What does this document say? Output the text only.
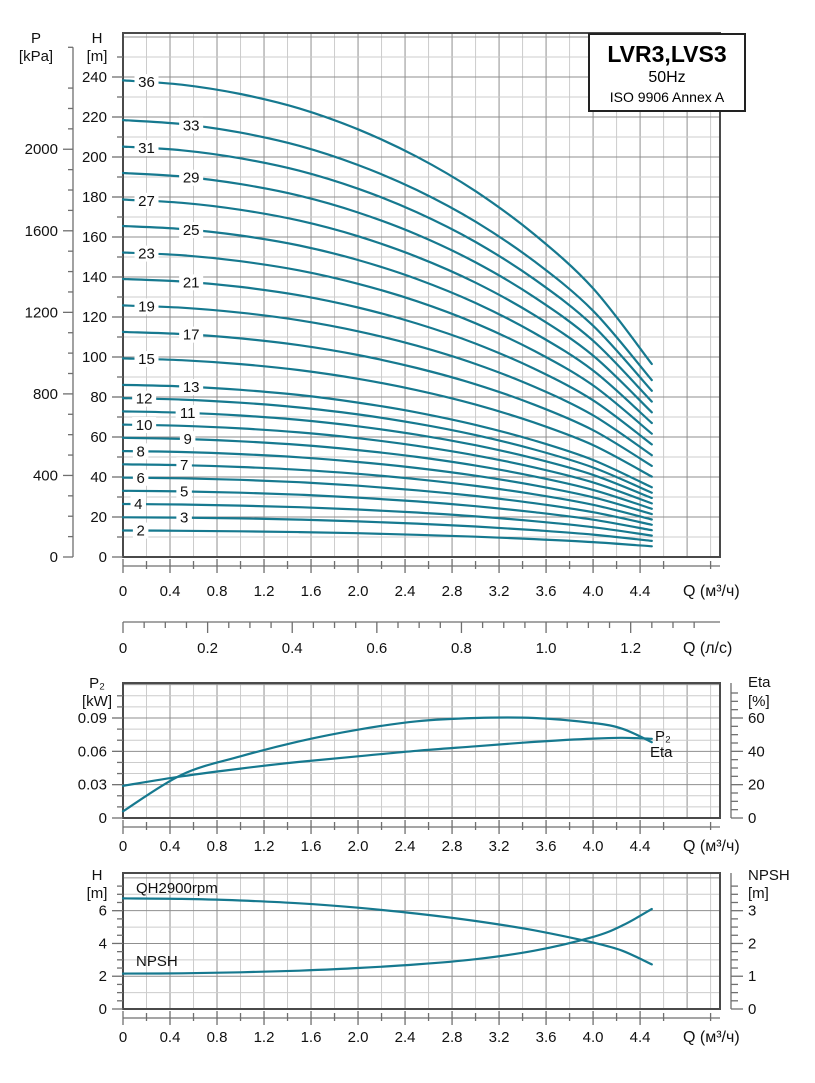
0
20
40
60
80
100
120
140
160
180
200
220
240
0
400
800
1200
1600
2000
P
[kPa]
H
[m]
0 0.4 0.8 1.2 1.6 2.0 2.4 2.8 3.2 3.6 4.0 4.4 Q (м³/ч)
0	0.2	0.4	0.6	0.8	1.0	1.2	Q (л/с)
36
33
31
29
27
25
23
21
19
17
15
13
12
11
10
9
8
7
6
5
4
3
2
0
0.03
0.06
0.09
P₂
[kW]
0
20
40
60
Eta
[%]
0 0.4 0.8 1.2 1.6 2.0 2.4 2.8 3.2 3.6 4.0 4.4 Q (м³/ч)
P₂
Eta
0
2
4
6
H
[m]
0
1
2
3
NPSH
[m]
0 0.4 0.8 1.2 1.6 2.0 2.4 2.8 3.2 3.6 4.0 4.4 Q (м³/ч)
QH2900rpm
NPSH
LVR3,LVS3
50Hz
ISO 9906 Annex A
